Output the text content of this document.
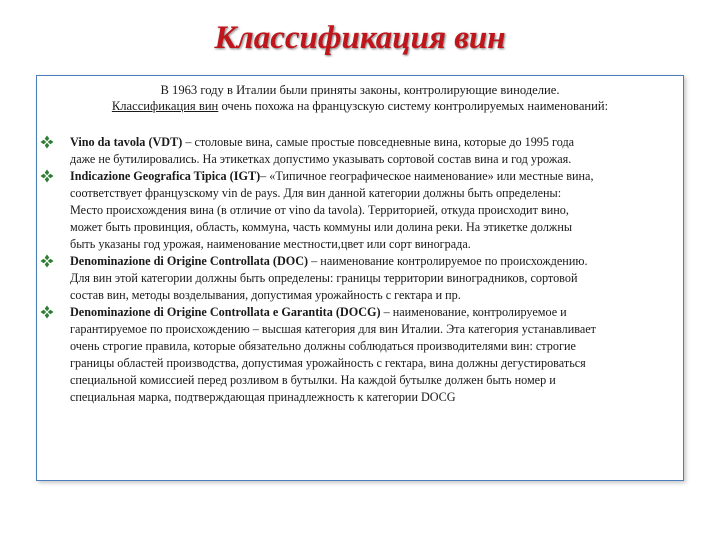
Классификация вин
В 1963 году в Италии были приняты законы, контролирующие виноделие.
Классификация вин очень похожа на французскую систему контролируемых наименований:
Vino da tavola (VDT) – столовые вина, самые простые повседневные вина, которые до 1995 года
даже не бутилировались. На этикетках допустимо указывать сортовой состав вина и год урожая.
Indicazione Geografica Tipica (IGT)– «Типичное географическое наименование» или местные вина,
соответствует французскому vin de pays. Для вин данной категории должны быть определены:
Место происхождения вина (в отличие от vino da tavola). Территорией, откуда происходит вино,
может быть провинция, область, коммуна, часть коммуны или долина реки. На этикетке должны
быть указаны год урожая, наименование местности,цвет или сорт винограда.
Denominazione di Origine Controllata (DOC) – наименование контролируемое по происхождению.
Для вин этой категории должны быть определены: границы территории виноградников, сортовой
состав вин, методы возделывания, допустимая урожайность с гектара и пр.
Denominazione di Origine Controllata e Garantita (DOCG) – наименование, контролируемое и
гарантируемое по происхождению – высшая категория для вин Италии. Эта категория устанавливает
очень строгие правила, которые обязательно должны соблюдаться производителями вин: строгие
границы областей производства, допустимая урожайность с гектара, вина должны дегустироваться
специальной комиссией перед розливом в бутылки. На каждой бутылке должен быть номер и
специальная марка, подтверждающая принадлежность к категории DOCG
